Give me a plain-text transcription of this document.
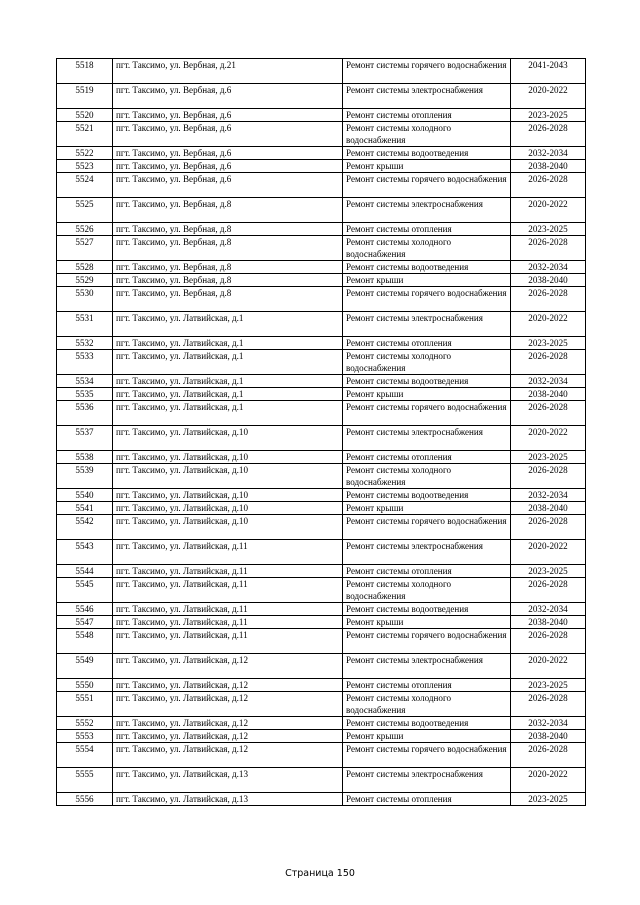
5518	пгт. Таксимо, ул. Вербная, д.21	Ремонт системы горячего водоснабжения	2041-2043
5519	пгт. Таксимо, ул. Вербная, д.6	Ремонт системы электроснабжения	2020-2022
5520	пгт. Таксимо, ул. Вербная, д.6	Ремонт системы отопления	2023-2025
5521	пгт. Таксимо, ул. Вербная, д.6	Ремонт системы холодного водоснабжения	2026-2028
5522	пгт. Таксимо, ул. Вербная, д.6	Ремонт системы водоотведения	2032-2034
5523	пгт. Таксимо, ул. Вербная, д.6	Ремонт крыши	2038-2040
5524	пгт. Таксимо, ул. Вербная, д.6	Ремонт системы горячего водоснабжения	2026-2028
5525	пгт. Таксимо, ул. Вербная, д.8	Ремонт системы электроснабжения	2020-2022
5526	пгт. Таксимо, ул. Вербная, д.8	Ремонт системы отопления	2023-2025
5527	пгт. Таксимо, ул. Вербная, д.8	Ремонт системы холодного водоснабжения	2026-2028
5528	пгт. Таксимо, ул. Вербная, д.8	Ремонт системы водоотведения	2032-2034
5529	пгт. Таксимо, ул. Вербная, д.8	Ремонт крыши	2038-2040
5530	пгт. Таксимо, ул. Вербная, д.8	Ремонт системы горячего водоснабжения	2026-2028
5531	пгт. Таксимо, ул. Латвийская, д.1	Ремонт системы электроснабжения	2020-2022
5532	пгт. Таксимо, ул. Латвийская, д.1	Ремонт системы отопления	2023-2025
5533	пгт. Таксимо, ул. Латвийская, д.1	Ремонт системы холодного водоснабжения	2026-2028
5534	пгт. Таксимо, ул. Латвийская, д.1	Ремонт системы водоотведения	2032-2034
5535	пгт. Таксимо, ул. Латвийская, д.1	Ремонт крыши	2038-2040
5536	пгт. Таксимо, ул. Латвийская, д.1	Ремонт системы горячего водоснабжения	2026-2028
5537	пгт. Таксимо, ул. Латвийская, д.10	Ремонт системы электроснабжения	2020-2022
5538	пгт. Таксимо, ул. Латвийская, д.10	Ремонт системы отопления	2023-2025
5539	пгт. Таксимо, ул. Латвийская, д.10	Ремонт системы холодного водоснабжения	2026-2028
5540	пгт. Таксимо, ул. Латвийская, д.10	Ремонт системы водоотведения	2032-2034
5541	пгт. Таксимо, ул. Латвийская, д.10	Ремонт крыши	2038-2040
5542	пгт. Таксимо, ул. Латвийская, д.10	Ремонт системы горячего водоснабжения	2026-2028
5543	пгт. Таксимо, ул. Латвийская, д.11	Ремонт системы электроснабжения	2020-2022
5544	пгт. Таксимо, ул. Латвийская, д.11	Ремонт системы отопления	2023-2025
5545	пгт. Таксимо, ул. Латвийская, д.11	Ремонт системы холодного водоснабжения	2026-2028
5546	пгт. Таксимо, ул. Латвийская, д.11	Ремонт системы водоотведения	2032-2034
5547	пгт. Таксимо, ул. Латвийская, д.11	Ремонт крыши	2038-2040
5548	пгт. Таксимо, ул. Латвийская, д.11	Ремонт системы горячего водоснабжения	2026-2028
5549	пгт. Таксимо, ул. Латвийская, д.12	Ремонт системы электроснабжения	2020-2022
5550	пгт. Таксимо, ул. Латвийская, д.12	Ремонт системы отопления	2023-2025
5551	пгт. Таксимо, ул. Латвийская, д.12	Ремонт системы холодного водоснабжения	2026-2028
5552	пгт. Таксимо, ул. Латвийская, д.12	Ремонт системы водоотведения	2032-2034
5553	пгт. Таксимо, ул. Латвийская, д.12	Ремонт крыши	2038-2040
5554	пгт. Таксимо, ул. Латвийская, д.12	Ремонт системы горячего водоснабжения	2026-2028
5555	пгт. Таксимо, ул. Латвийская, д.13	Ремонт системы электроснабжения	2020-2022
5556	пгт. Таксимо, ул. Латвийская, д.13	Ремонт системы отопления	2023-2025
Страница 150
